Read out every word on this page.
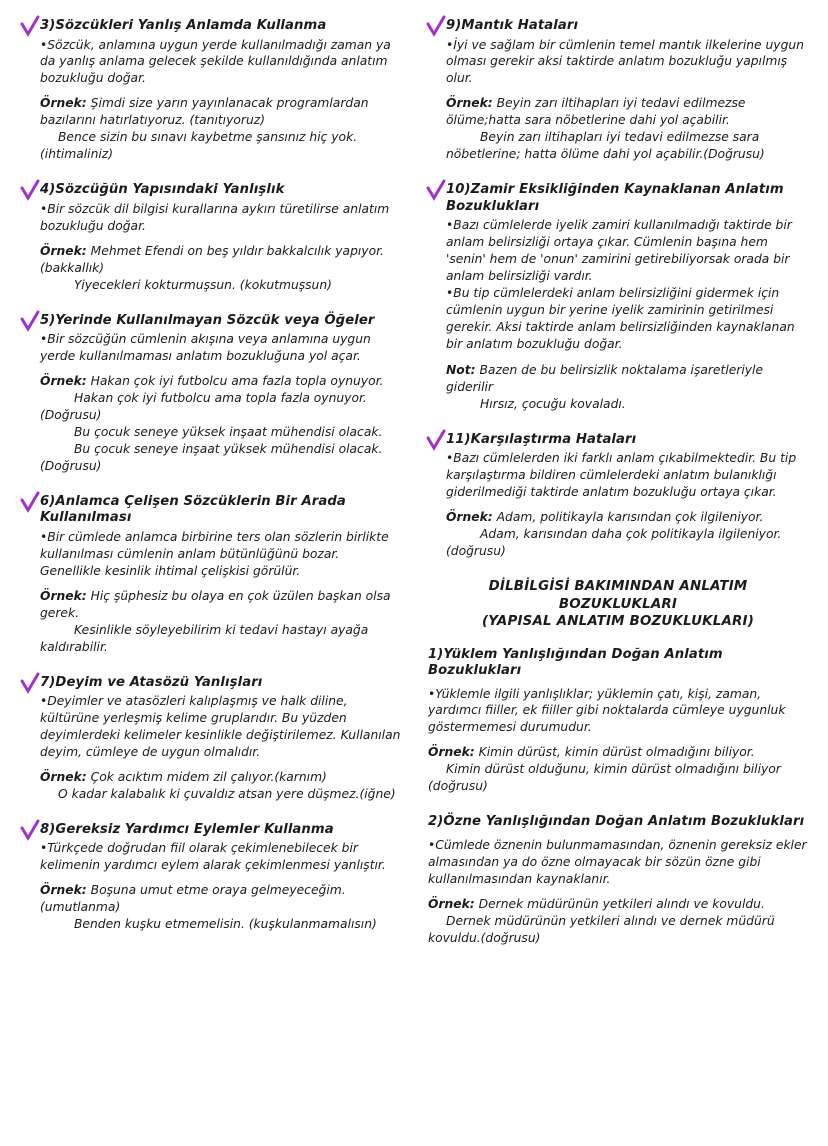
3)Sözcükleri Yanlış Anlamda Kullanma
•Sözcük, anlamına uygun yerde kullanılmadığı zaman ya da yanlış anlama gelecek şekilde kullanıldığında anlatım bozukluğu doğar.
Örnek: Şimdi size yarın yayınlanacak programlardan bazılarını hatırlatıyoruz. (tanıtıyoruz)
Bence sizin bu sınavı kaybetme şansınız hiç yok. (ihtimaliniz)
4)Sözcüğün Yapısındaki Yanlışlık
•Bir sözcük dil bilgisi kurallarına aykırı türetilirse anlatım bozukluğu doğar.
Örnek: Mehmet Efendi on beş yıldır bakkalcılık yapıyor. (bakkallık)
Yiyecekleri kokturmuşsun. (kokutmuşsun)
5)Yerinde Kullanılmayan Sözcük veya Öğeler
•Bir sözcüğün cümlenin akışına veya anlamına uygun yerde kullanılmaması anlatım bozukluğuna yol açar.
Örnek: Hakan çok iyi futbolcu ama fazla topla oynuyor.
Hakan çok iyi futbolcu ama topla fazla oynuyor. (Doğrusu)
Bu çocuk seneye yüksek inşaat mühendisi olacak.
Bu çocuk seneye inşaat yüksek mühendisi olacak. (Doğrusu)
6)Anlamca Çelişen Sözcüklerin Bir Arada Kullanılması
•Bir cümlede anlamca birbirine ters olan sözlerin birlikte kullanılması cümlenin anlam bütünlüğünü bozar. Genellikle kesinlik ihtimal çelişkisi görülür.
Örnek: Hiç şüphesiz bu olaya en çok üzülen başkan olsa gerek.
Kesinlikle söyleyebilirim ki tedavi hastayı ayağa kaldırabilir.
7)Deyim ve Atasözü Yanlışları
•Deyimler ve atasözleri kalıplaşmış ve halk diline, kültürüne yerleşmiş kelime gruplarıdır. Bu yüzden deyimlerdeki kelimeler kesinlikle değiştirilemez. Kullanılan deyim, cümleye de uygun olmalıdır.
Örnek: Çok acıktım midem zil çalıyor.(karnım)
O kadar kalabalık ki çuvaldız atsan yere düşmez.(iğne)
8)Gereksiz Yardımcı Eylemler Kullanma
•Türkçede doğrudan fiil olarak çekimlenebilecek bir kelimenin yardımcı eylem alarak çekimlenmesi yanlıştır.
Örnek: Boşuna umut etme oraya gelmeyeceğim.(umutlanma)
Benden kuşku etmemelisin. (kuşkulanmamalısın)
9)Mantık Hataları
•İyi ve sağlam bir cümlenin temel mantık ilkelerine uygun olması gerekir aksi taktirde anlatım bozukluğu yapılmış olur.
Örnek: Beyin zarı iltihapları iyi tedavi edilmezse ölüme;hatta sara nöbetlerine dahi yol açabilir.
Beyin zarı iltihapları iyi tedavi edilmezse sara nöbetlerine; hatta ölüme dahi yol açabilir.(Doğrusu)
10)Zamir Eksikliğinden Kaynaklanan Anlatım Bozuklukları
•Bazı cümlelerde iyelik zamiri kullanılmadığı taktirde bir anlam belirsizliği ortaya çıkar. Cümlenin başına hem 'senin' hem de 'onun' zamirini getirebiliyorsak orada bir anlam belirsizliği vardır.
•Bu tip cümlelerdeki anlam belirsizliğini gidermek için cümlenin uygun bir yerine iyelik zamirinin getirilmesi gerekir. Aksi taktirde anlam belirsizliğinden kaynaklanan bir anlatım bozukluğu doğar.
Not: Bazen de bu belirsizlik noktalama işaretleriyle giderilir
Hırsız, çocuğu kovaladı.
11)Karşılaştırma Hataları
•Bazı cümlelerden iki farklı anlam çıkabilmektedir. Bu tip karşılaştırma bildiren cümlelerdeki anlatım bulanıklığı giderilmediği taktirde anlatım bozukluğu ortaya çıkar.
Örnek: Adam, politikayla karısından çok ilgileniyor.
Adam, karısından daha çok politikayla ilgileniyor.(doğrusu)
DİLBİLGİSİ BAKIMINDAN ANLATIM
BOZUKLUKLARI
(YAPISAL ANLATIM BOZUKLUKLARI)
1)Yüklem Yanlışlığından Doğan Anlatım Bozuklukları
•Yüklemle ilgili yanlışlıklar; yüklemin çatı, kişi, zaman, yardımcı fiiller, ek fiiller gibi noktalarda cümleye uygunluk göstermemesi durumudur.
Örnek: Kimin dürüst, kimin dürüst olmadığını biliyor.
Kimin dürüst olduğunu, kimin dürüst olmadığını biliyor (doğrusu)
2)Özne Yanlışlığından Doğan Anlatım Bozuklukları
•Cümlede öznenin bulunmamasından, öznenin gereksiz ekler almasından ya do özne olmayacak bir sözün özne gibi kullanılmasından kaynaklanır.
Örnek: Dernek müdürünün yetkileri alındı ve kovuldu.
Dernek müdürünün yetkileri alındı ve dernek müdürü kovuldu.(doğrusu)
